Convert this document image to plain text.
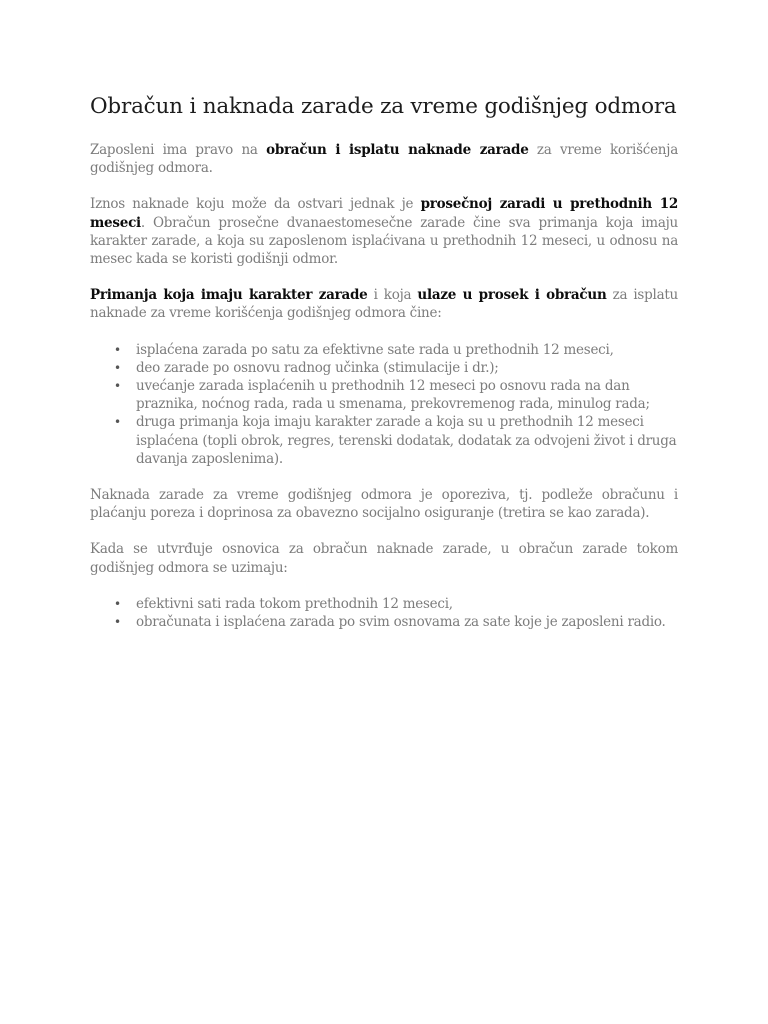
Obračun i naknada zarade za vreme godišnjeg odmora

Zaposleni ima pravo na obračun i isplatu naknade zarade za vreme korišćenja godišnjeg odmora.

Iznos naknade koju može da ostvari jednak je prosečnoj zaradi u prethodnih 12 meseci. Obračun prosečne dvanaestomesečne zarade čine sva primanja koja imaju karakter zarade, a koja su zaposlenom isplaćivana u prethodnih 12 meseci, u odnosu na mesec kada se koristi godišnji odmor.

Primanja koja imaju karakter zarade i koja ulaze u prosek i obračun za isplatu naknade za vreme korišćenja godišnjeg odmora čine:

• isplaćena zarada po satu za efektivne sate rada u prethodnih 12 meseci,
• deo zarade po osnovu radnog učinka (stimulacije i dr.);
• uvećanje zarada isplaćenih u prethodnih 12 meseci po osnovu rada na dan praznika, noćnog rada, rada u smenama, prekovremenog rada, minulog rada;
• druga primanja koja imaju karakter zarade a koja su u prethodnih 12 meseci isplaćena (topli obrok, regres, terenski dodatak, dodatak za odvojeni život i druga davanja zaposlenima).

Naknada zarade za vreme godišnjeg odmora je oporeziva, tj. podleže obračunu i plaćanju poreza i doprinosa za obavezno socijalno osiguranje (tretira se kao zarada).

Kada se utvrđuje osnovica za obračun naknade zarade, u obračun zarade tokom godišnjeg odmora se uzimaju:

• efektivni sati rada tokom prethodnih 12 meseci,
• obračunata i isplaćena zarada po svim osnovama za sate koje je zaposleni radio.
